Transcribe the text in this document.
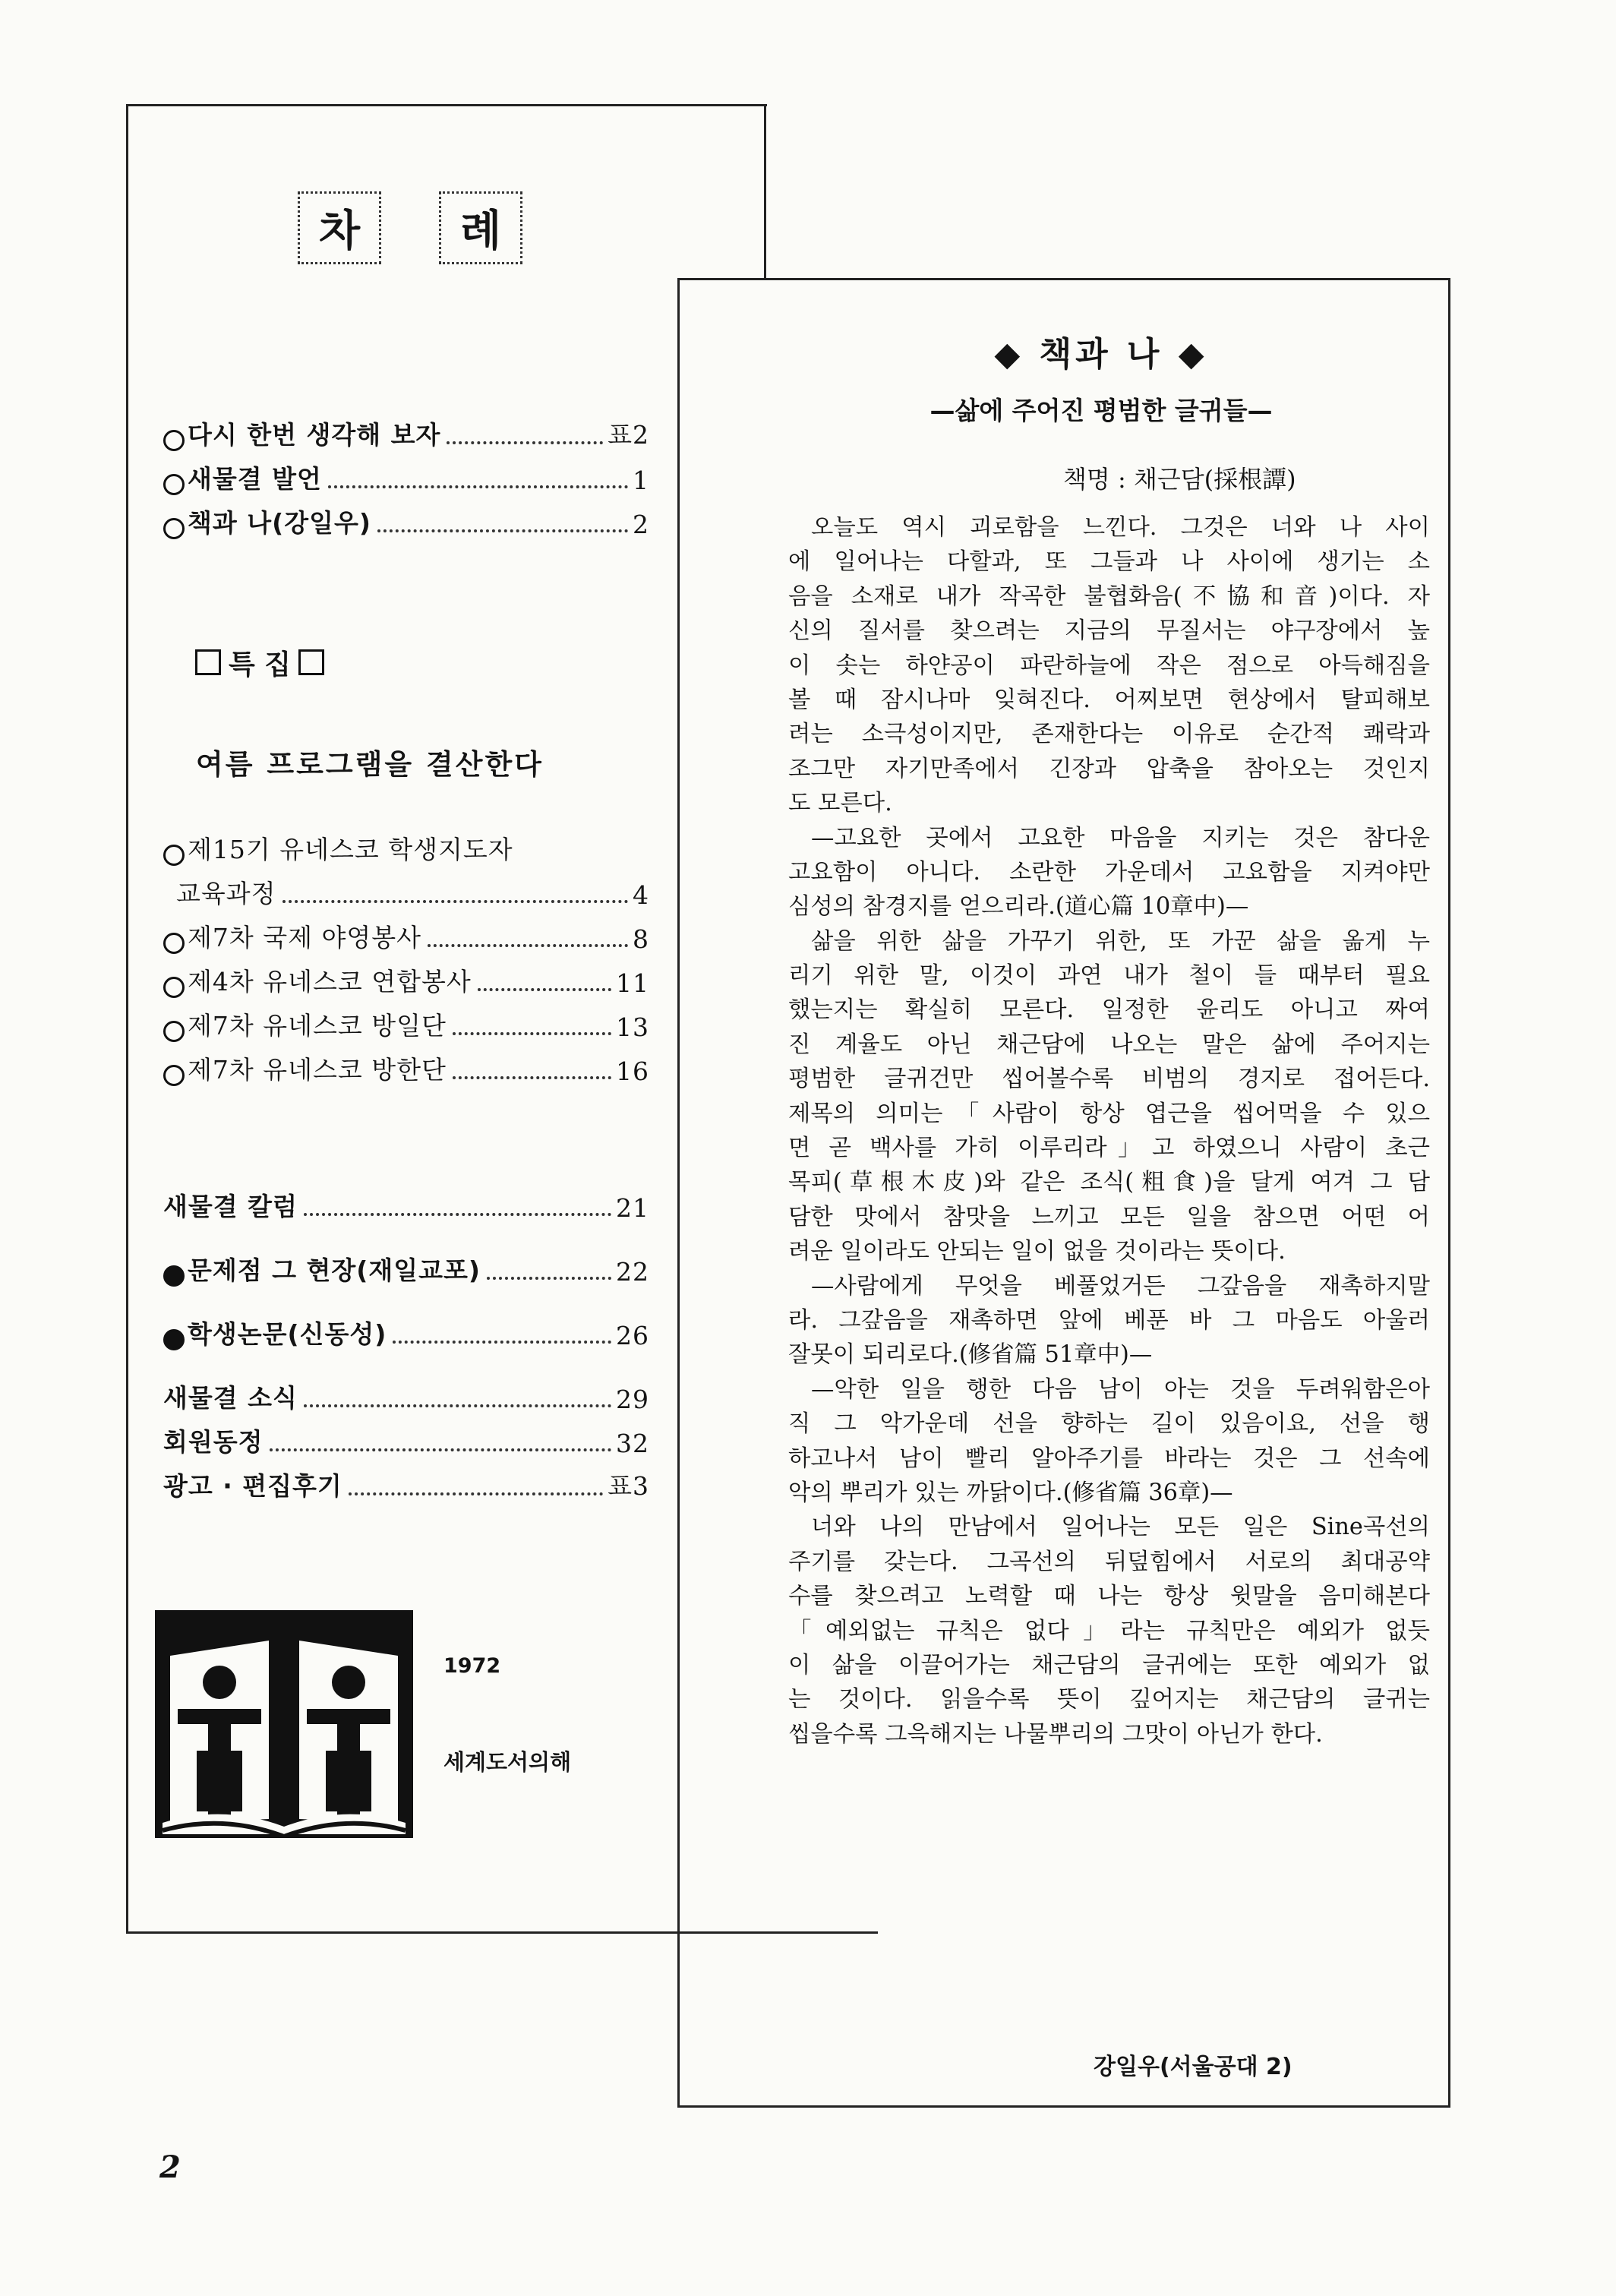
차	례
다시 한번 생각해 보자	표2
새물결 발언	1
책과 나(강일우)	2
특 집
여름 프로그램을 결산한다
제15기 유네스코 학생지도자
교육과정	4
제7차 국제 야영봉사	8
제4차 유네스코 연합봉사	11
제7차 유네스코 방일단	13
제7차 유네스코 방한단	16
새물결 칼럼	21
문제점 그 현장(재일교포)	22
학생논문(신동성)	26
새물결 소식	29
회원동정	32
광고 · 편집후기	표3
1972
세계도서의해
2
◆ 책과 나 ◆
—삶에 주어진 평범한 글귀들—
책명 : 채근담(採根譚)
오늘도 역시 괴로함을 느낀다. 그것은 너와 나 사이
에 일어나는 다할과, 또 그들과 나 사이에 생기는 소
음을 소재로 내가 작곡한 불협화음(不協和音)이다. 자
신의 질서를 찾으려는 지금의 무질서는 야구장에서 높
이 솟는 하얀공이 파란하늘에 작은 점으로 아득해짐을
볼 때 잠시나마 잊혀진다. 어찌보면 현상에서 탈피해보
려는 소극성이지만, 존재한다는 이유로 순간적 쾌락과
조그만 자기만족에서 긴장과 압축을 참아오는 것인지
도 모른다.
—고요한 곳에서 고요한 마음을 지키는 것은 참다운
고요함이 아니다. 소란한 가운데서 고요함을 지켜야만
심성의 참경지를 얻으리라.(道心篇 10章中)—
삶을 위한 삶을 가꾸기 위한, 또 가꾼 삶을 옮게 누
리기 위한 말, 이것이 과연 내가 철이 들 때부터 필요
했는지는 확실히 모른다. 일정한 윤리도 아니고 짜여
진 계율도 아닌 채근담에 나오는 말은 삶에 주어지는
평범한 글귀건만 씹어볼수록 비범의 경지로 접어든다.
제목의 의미는「사람이 항상 엽근을 씹어먹을 수 있으
면 곧 백사를 가히 이루리라」고 하였으니 사람이 초근
목피(草根木皮)와 같은 조식(粗食)을 달게 여겨 그 담
담한 맛에서 참맛을 느끼고 모든 일을 참으면 어떤 어
려운 일이라도 안되는 일이 없을 것이라는 뜻이다.
—사람에게 무엇을 베풀었거든 그갚음을 재촉하지말
라. 그갚음을 재촉하면 앞에 베푼 바 그 마음도 아울러
잘못이 되리로다.(修省篇 51章中)—
—악한 일을 행한 다음 남이 아는 것을 두려워함은아
직 그 악가운데 선을 향하는 길이 있음이요, 선을 행
하고나서 남이 빨리 알아주기를 바라는 것은 그 선속에
악의 뿌리가 있는 까닭이다.(修省篇 36章)—
너와 나의 만남에서 일어나는 모든 일은 Sine곡선의
주기를 갖는다. 그곡선의 뒤덮힘에서 서로의 최대공약
수를 찾으려고 노력할 때 나는 항상 윗말을 음미해본다
「예외없는 규칙은 없다」라는 규칙만은 예외가 없듯
이 삶을 이끌어가는 채근담의 글귀에는 또한 예외가 없
는 것이다. 읽을수록 뜻이 깊어지는 채근담의 글귀는
씹을수록 그윽해지는 나물뿌리의 그맛이 아닌가 한다.
강일우(서울공대 2)
